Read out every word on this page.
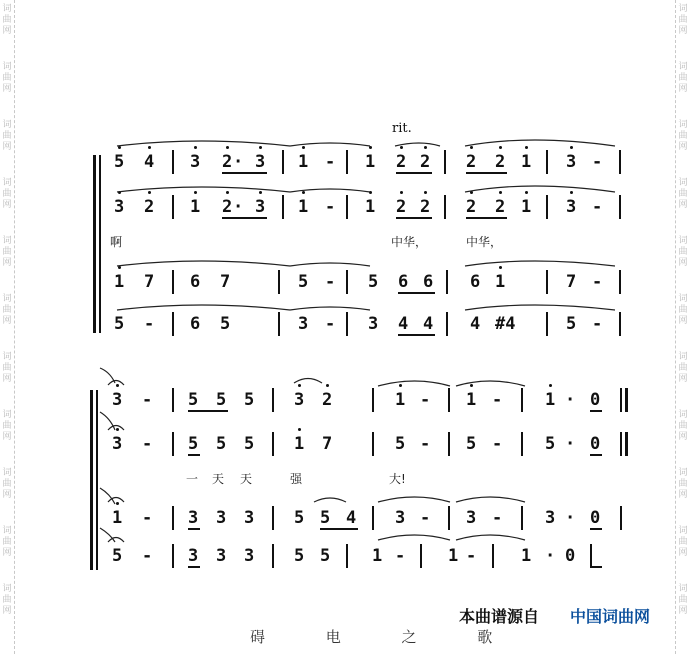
词
曲
网
词
曲
网
词
曲
网
词
曲
网
词
曲
网
词
曲
网
词
曲
网
词
曲
网
词
曲
网
词
曲
网
词
曲
网
词
曲
网
词
曲
网
词
曲
网
词
曲
网
词
曲
网
词
曲
网
词
曲
网
词
曲
网
词
曲
网
词
曲
网
词
曲
网
rit.
5 4 3 2 · 3 1 - 1 2 2 2 2 1 3 -
3 2 1 2 · 3 1 - 1 2 2 2 2 1 3 -
啊	中华，	中华，
1 7 6 7	5 - 5 6 6 6 1	7 -
5 - 6 5	3 - 3 4 4 4 #4	5 -
3 - 5 5 5 3 2	1 - 1 -	1 · 0
3 - 5 5 5 1 7	5 - 5 -	5 · 0
一 天 天	强	大!
1 - 3 3 3 5 5 4 3 - 3 -	3 · 0
5 - 3 3 3 5 5 1 -	1 -	1 · 0
碍 电 之 歌
本曲谱源自 中国词曲网
